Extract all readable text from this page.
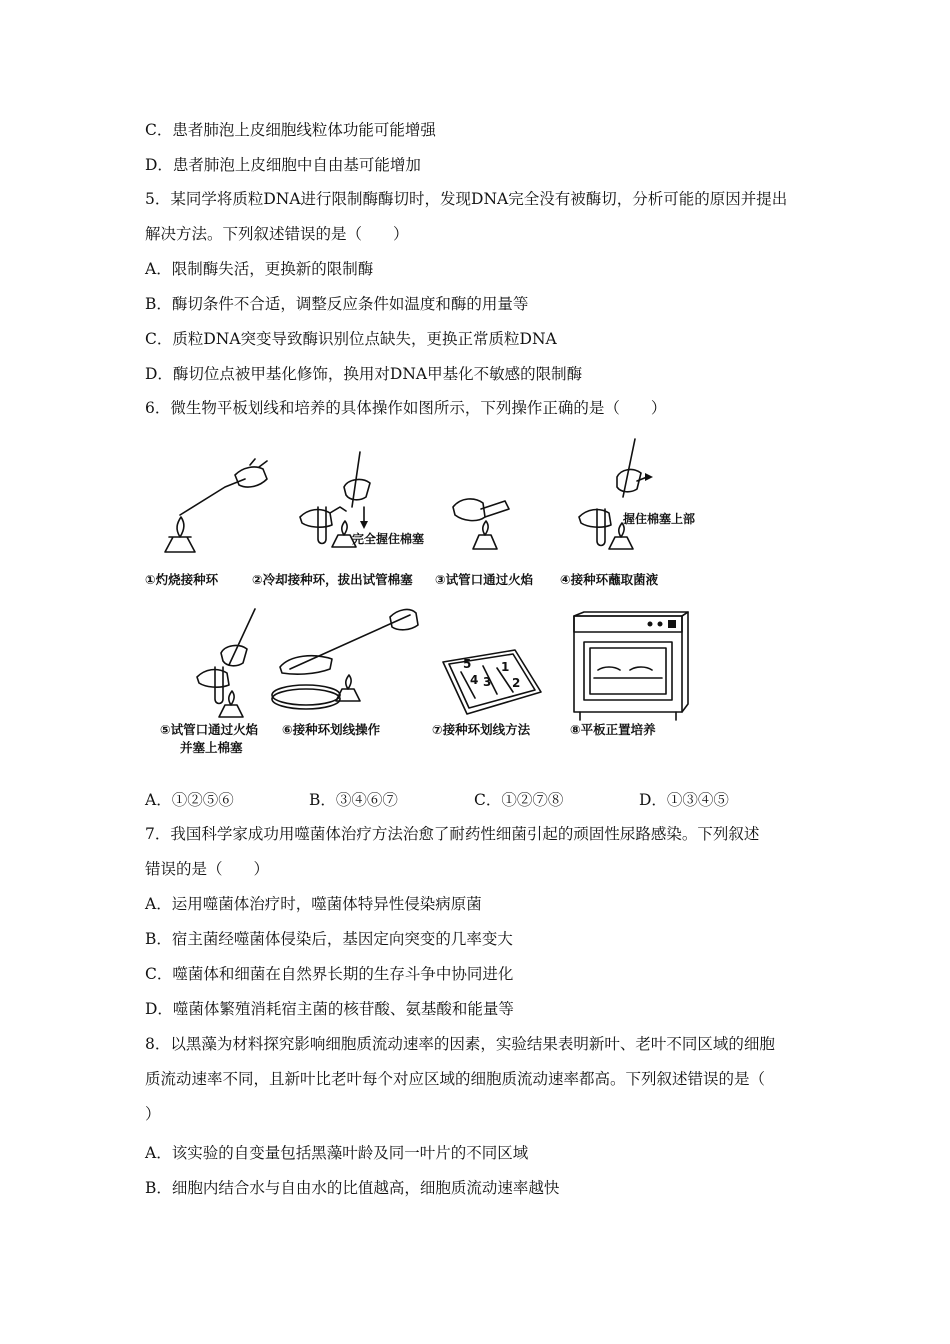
C．患者肺泡上皮细胞线粒体功能可能增强
D．患者肺泡上皮细胞中自由基可能增加
5．某同学将质粒DNA进行限制酶酶切时，发现DNA完全没有被酶切，分析可能的原因并提出
解决方法。下列叙述错误的是（　　）
A．限制酶失活，更换新的限制酶
B．酶切条件不合适，调整反应条件如温度和酶的用量等
C．质粒DNA突变导致酶识别位点缺失，更换正常质粒DNA
D．酶切位点被甲基化修饰，换用对DNA甲基化不敏感的限制酶
6．微生物平板划线和培养的具体操作如图所示，下列操作正确的是（　　）
完全握住棉塞
握住棉塞上部
①灼烧接种环	②冷却接种环，拔出试管棉塞 ③试管口通过火焰 ④接种环蘸取菌液
4 3 2
1
5
⑤试管口通过火焰
并塞上棉塞
⑥接种环划线操作	⑦接种环划线方法	⑧平板正置培养
A．①②⑤⑥	B．③④⑥⑦	C．①②⑦⑧	D．①③④⑤
7．我国科学家成功用噬菌体治疗方法治愈了耐药性细菌引起的顽固性尿路感染。下列叙述
错误的是（　　）
A．运用噬菌体治疗时，噬菌体特异性侵染病原菌
B．宿主菌经噬菌体侵染后，基因定向突变的几率变大
C．噬菌体和细菌在自然界长期的生存斗争中协同进化
D．噬菌体繁殖消耗宿主菌的核苷酸、氨基酸和能量等
8．以黑藻为材料探究影响细胞质流动速率的因素，实验结果表明新叶、老叶不同区域的细胞
质流动速率不同，且新叶比老叶每个对应区域的细胞质流动速率都高。下列叙述错误的是（
）
A．该实验的自变量包括黑藻叶龄及同一叶片的不同区域
B．细胞内结合水与自由水的比值越高，细胞质流动速率越快
